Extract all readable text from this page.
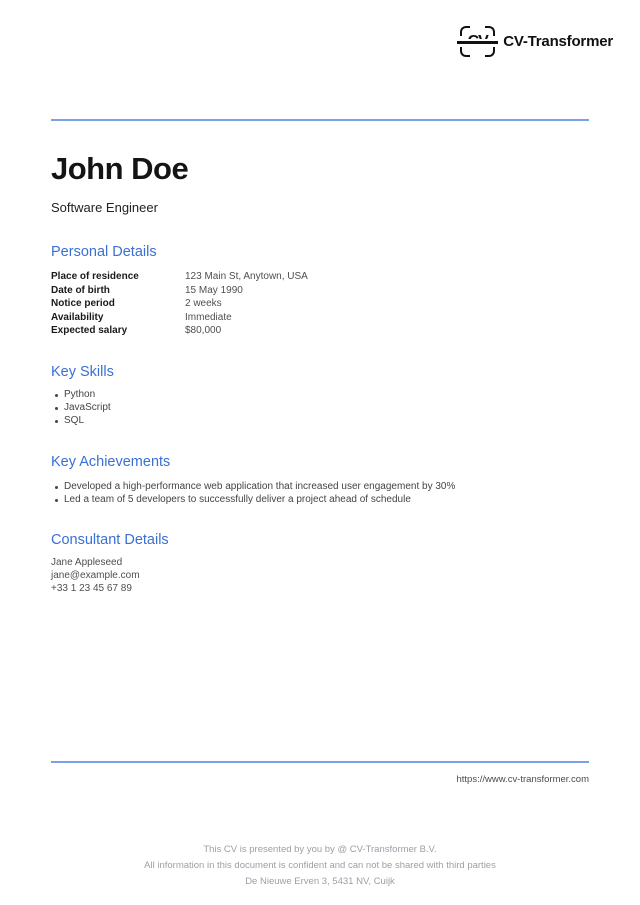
CV-Transformer
John Doe
Software Engineer
Personal Details
Place of residence	123 Main St, Anytown, USA
Date of birth	15 May 1990
Notice period	2 weeks
Availability	Immediate
Expected salary	$80,000
Key Skills
Python
JavaScript
SQL
Key Achievements
Developed a high-performance web application that increased user engagement by 30%
Led a team of 5 developers to successfully deliver a project ahead of schedule
Consultant Details
Jane Appleseed
jane@example.com
+33 1 23 45 67 89
https://www.cv-transformer.com
This CV is presented by you by @ CV-Transformer B.V.
All information in this document is confident and can not be shared with third parties
De Nieuwe Erven 3, 5431 NV, Cuijk
